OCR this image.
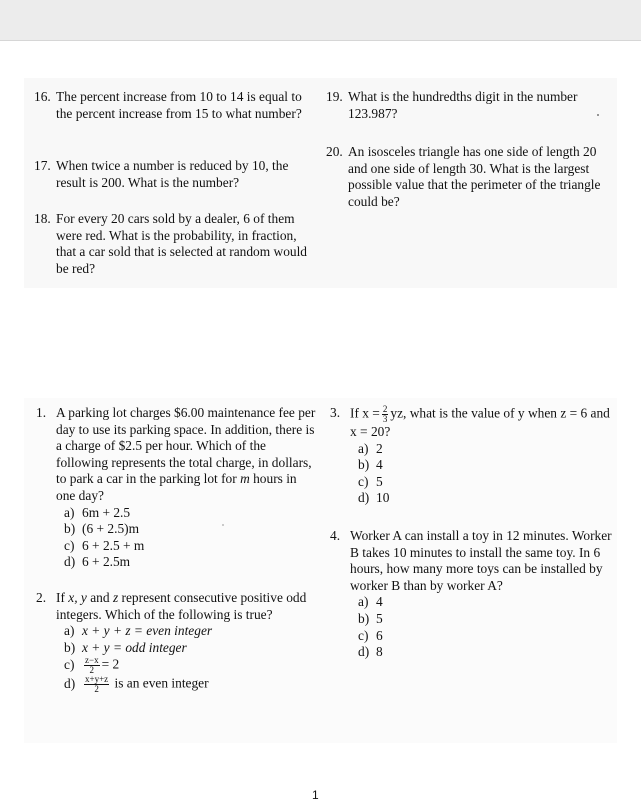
16. The percent increase from 10 to 14 is equal to the percent increase from 15 to what number?
17. When twice a number is reduced by 10, the result is 200. What is the number?
18. For every 20 cars sold by a dealer, 6 of them were red. What is the probability, in fraction, that a car sold that is selected at random would be red?
19. What is the hundredths digit in the number 123.987?
20. An isosceles triangle has one side of length 20 and one side of length 30. What is the largest possible value that the perimeter of the triangle could be?
1. A parking lot charges $6.00 maintenance fee per day to use its parking space. In addition, there is a charge of $2.5 per hour. Which of the following represents the total charge, in dollars, to park a car in the parking lot for m hours in one day?
a) 6m + 2.5
b) (6 + 2.5)m
c) 6 + 2.5 + m
d) 6 + 2.5m
2. If x, y and z represent consecutive positive odd integers. Which of the following is true?
a) x + y + z = even integer
b) x + y = odd integer
$c) \frac{z-x}{2} = 2$
$d) \frac{x+y+z}{2}$ is an even integer
3. If $x = \frac{2}{3}$ yz, what is the value of y when z = 6 and x = 20?
a) 2
b) 4
c) 5
d) 10
4. Worker A can install a toy in 12 minutes. Worker B takes 10 minutes to install the same toy. In 6 hours, how many more toys can be installed by worker B than by worker A?
a) 4
b) 5
c) 6
d) 8
1
